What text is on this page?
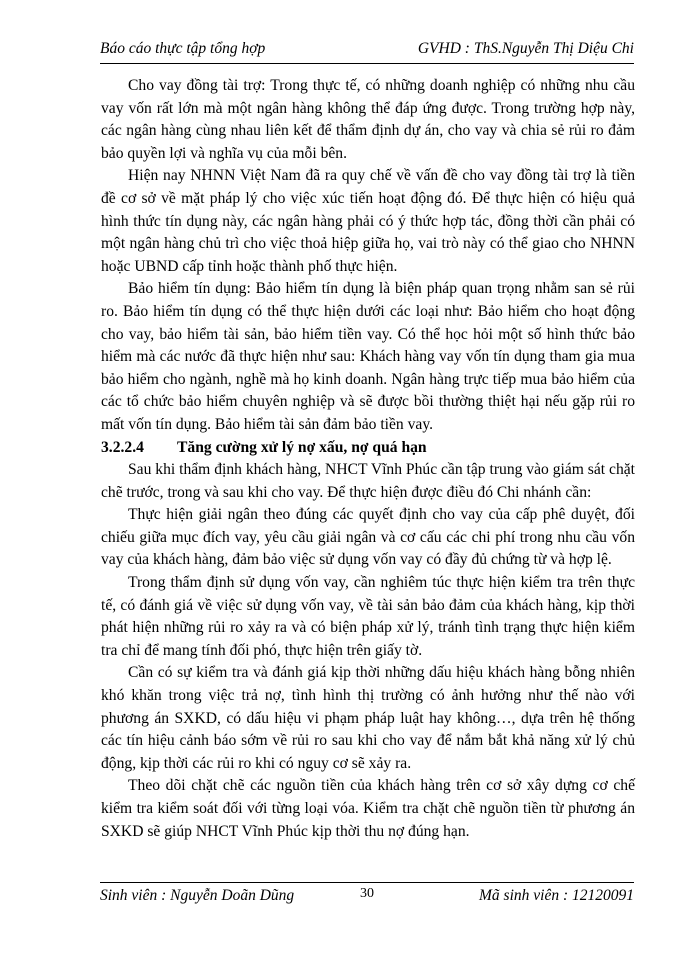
Báo cáo thực tập tổng hợp	GVHD : ThS.Nguyễn Thị Diệu Chi

Cho vay đồng tài trợ: Trong thực tế, có những doanh nghiệp có những nhu cầu vay vốn rất lớn mà một ngân hàng không thể đáp ứng được. Trong trường hợp này, các ngân hàng cùng nhau liên kết để thẩm định dự án, cho vay và chia sẻ rủi ro đảm bảo quyền lợi và nghĩa vụ của mỗi bên.

Hiện nay NHNN Việt Nam đã ra quy chế về vấn đề cho vay đồng tài trợ là tiền đề cơ sở về mặt pháp lý cho việc xúc tiến hoạt động đó. Để thực hiện có hiệu quả hình thức tín dụng này, các ngân hàng phải có ý thức hợp tác, đồng thời cần phải có một ngân hàng chủ trì cho việc thoả hiệp giữa họ, vai trò này có thể giao cho NHNN hoặc UBND cấp tỉnh hoặc thành phố thực hiện.

Bảo hiểm tín dụng: Bảo hiểm tín dụng là biện pháp quan trọng nhằm san sẻ rủi ro. Bảo hiểm tín dụng có thể thực hiện dưới các loại như: Bảo hiểm cho hoạt động cho vay, bảo hiểm tài sản, bảo hiểm tiền vay. Có thể học hỏi một số hình thức bảo hiểm mà các nước đã thực hiện như sau: Khách hàng vay vốn tín dụng tham gia mua bảo hiểm cho ngành, nghề mà họ kinh doanh. Ngân hàng trực tiếp mua bảo hiểm của các tổ chức bảo hiểm chuyên nghiệp và sẽ được bồi thường thiệt hại nếu gặp rủi ro mất vốn tín dụng. Bảo hiểm tài sản đảm bảo tiền vay.

3.2.2.4 Tăng cường xử lý nợ xấu, nợ quá hạn

Sau khi thẩm định khách hàng, NHCT Vĩnh Phúc cần tập trung vào giám sát chặt chẽ trước, trong và sau khi cho vay. Để thực hiện được điều đó Chi nhánh cần:

Thực hiện giải ngân theo đúng các quyết định cho vay của cấp phê duyệt, đối chiếu giữa mục đích vay, yêu cầu giải ngân và cơ cấu các chi phí trong nhu cầu vốn vay của khách hàng, đảm bảo việc sử dụng vốn vay có đầy đủ chứng từ và hợp lệ.

Trong thẩm định sử dụng vốn vay, cần nghiêm túc thực hiện kiểm tra trên thực tế, có đánh giá về việc sử dụng vốn vay, về tài sản bảo đảm của khách hàng, kịp thời phát hiện những rủi ro xảy ra và có biện pháp xử lý, tránh tình trạng thực hiện kiểm tra chỉ để mang tính đối phó, thực hiện trên giấy tờ.

Cần có sự kiểm tra và đánh giá kịp thời những dấu hiệu khách hàng bỗng nhiên khó khăn trong việc trả nợ, tình hình thị trường có ảnh hưởng như thế nào với phương án SXKD, có dấu hiệu vi phạm pháp luật hay không…, dựa trên hệ thống các tín hiệu cảnh báo sớm về rủi ro sau khi cho vay để nắm bắt khả năng xử lý chủ động, kịp thời các rủi ro khi có nguy cơ sẽ xảy ra.

Theo dõi chặt chẽ các nguồn tiền của khách hàng trên cơ sở xây dựng cơ chế kiểm tra kiểm soát đối với từng loại vóa. Kiểm tra chặt chẽ nguồn tiền từ phương án SXKD sẽ giúp NHCT Vĩnh Phúc kịp thời thu nợ đúng hạn.

Sinh viên : Nguyễn Doãn Dũng	30	Mã sinh viên : 12120091
